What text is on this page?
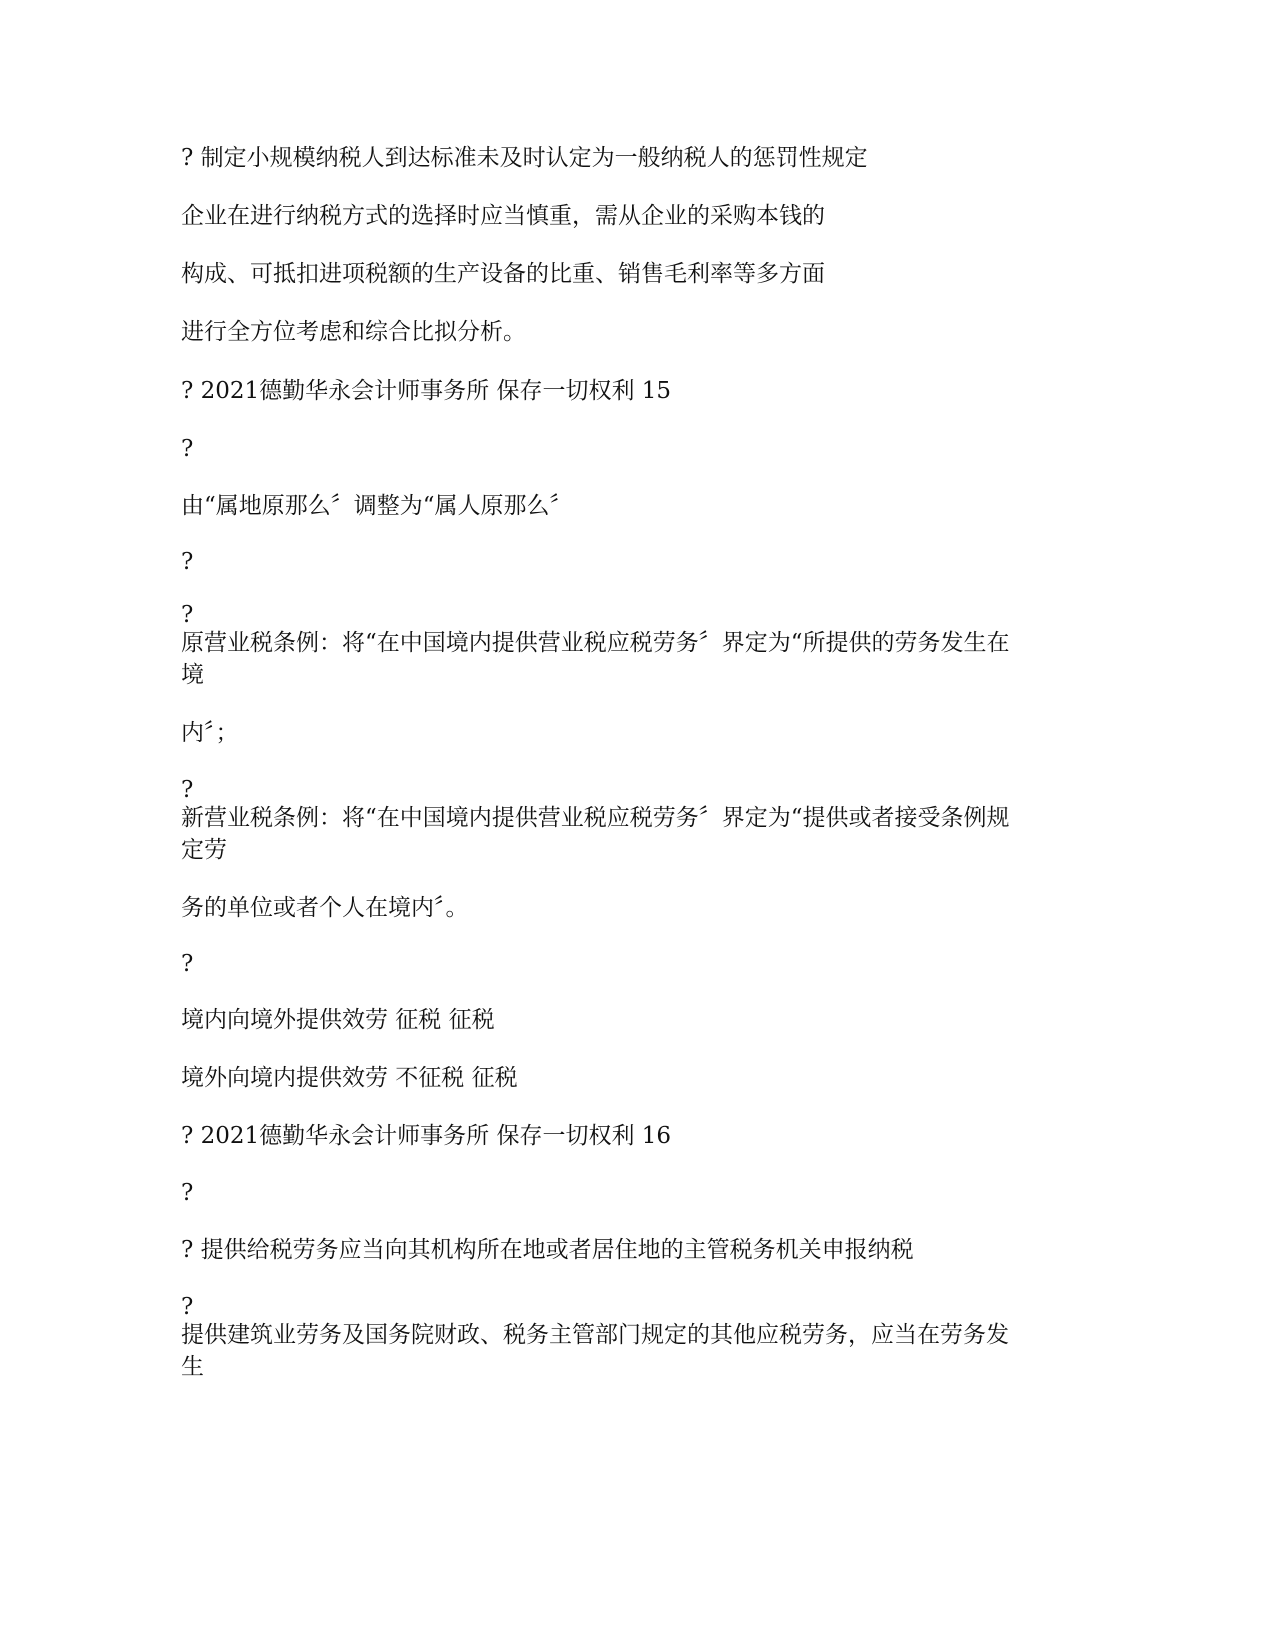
? 制定小规模纳税人到达标准未及时认定为一般纳税人的惩罚性规定
企业在进行纳税方式的选择时应当慎重，需从企业的采购本钱的
构成、可抵扣进项税额的生产设备的比重、销售毛利率等多方面
进行全方位考虑和综合比拟分析。
? 2021德勤华永会计师事务所 保存一切权利 15
?
由“属地原那么〞调整为“属人原那么〞
?
?
原营业税条例：将“在中国境内提供营业税应税劳务〞界定为“所提供的劳务发生在
境
内〞；
?
新营业税条例：将“在中国境内提供营业税应税劳务〞界定为“提供或者接受条例规
定劳
务的单位或者个人在境内〞。
?
境内向境外提供效劳 征税 征税
境外向境内提供效劳 不征税 征税
? 2021德勤华永会计师事务所 保存一切权利 16
?
? 提供给税劳务应当向其机构所在地或者居住地的主管税务机关申报纳税
?
提供建筑业劳务及国务院财政、税务主管部门规定的其他应税劳务，应当在劳务发
生
